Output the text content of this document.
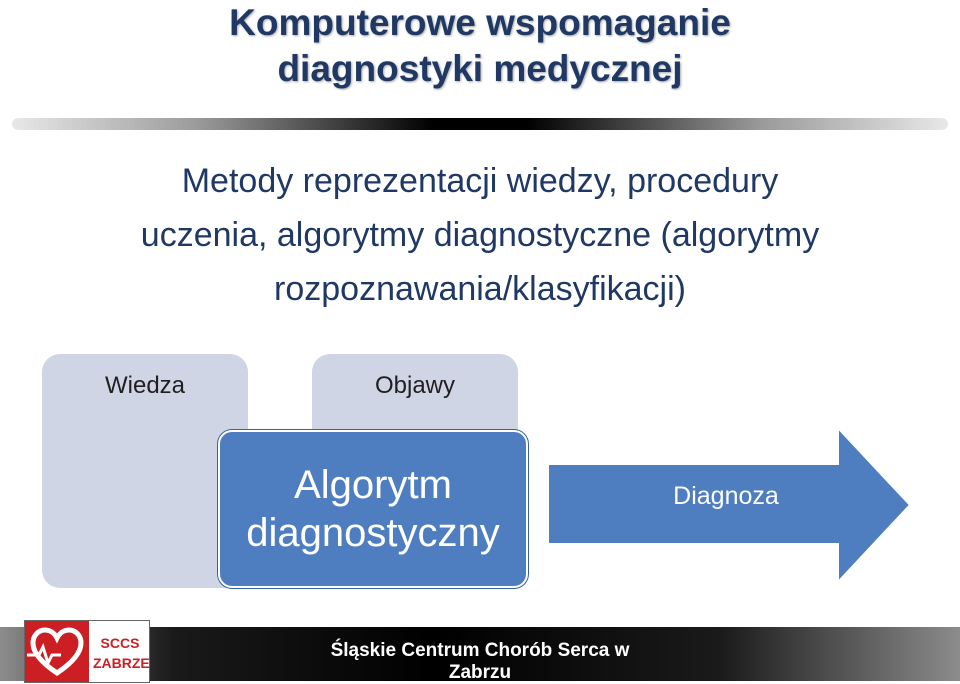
Komputerowe wspomaganie
diagnostyki medycznej
Metody reprezentacji wiedzy, procedury
uczenia, algorytmy diagnostyczne (algorytmy
rozpoznawania/klasyfikacji)
Wiedza	Objawy
Algorytm
diagnostyczny
Diagnoza
Śląskie Centrum Chorób Serca w Zabrzu
SCCS
ZABRZE
